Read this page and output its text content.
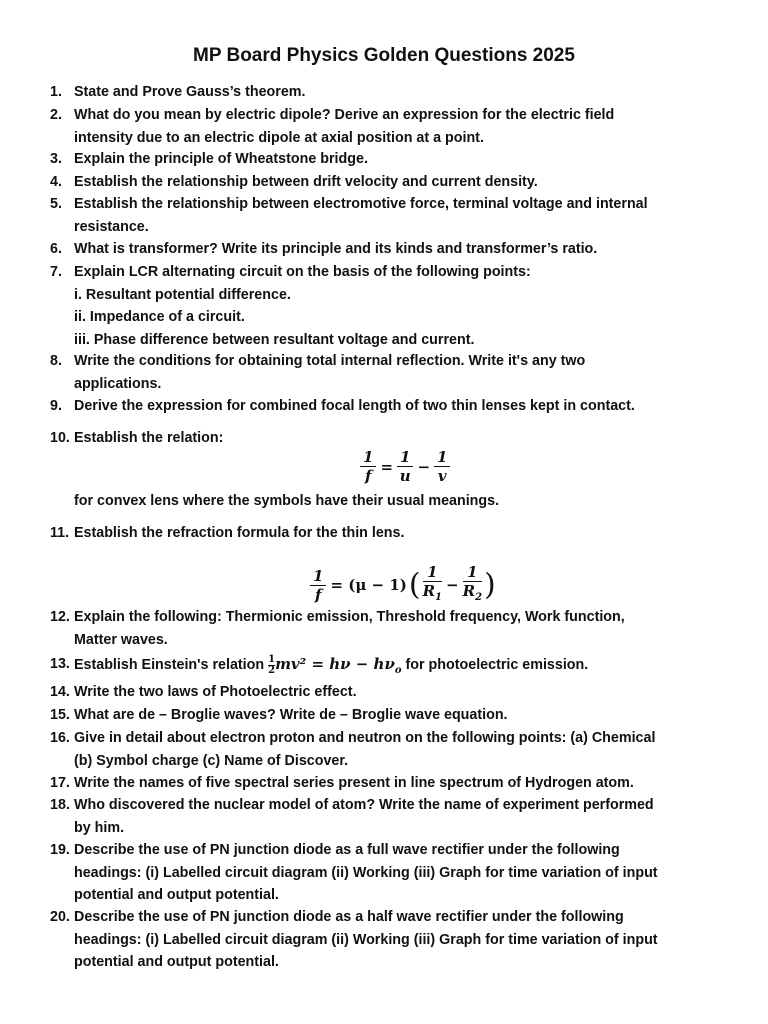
MP Board Physics Golden Questions 2025
1. State and Prove Gauss’s theorem.
2. What do you mean by electric dipole? Derive an expression for the electric field
intensity due to an electric dipole at axial position at a point.
3. Explain the principle of Wheatstone bridge.
4. Establish the relationship between drift velocity and current density.
5. Establish the relationship between electromotive force, terminal voltage and internal
resistance.
6. What is transformer? Write its principle and its kinds and transformer’s ratio.
7. Explain LCR alternating circuit on the basis of the following points:
i. Resultant potential difference.
ii. Impedance of a circuit.
iii. Phase difference between resultant voltage and current.
8. Write the conditions for obtaining total internal reflection. Write it's any two
applications.
9. Derive the expression for combined focal length of two thin lenses kept in contact.
10. Establish the relation:
$\frac{1}{f} = \frac{1}{u} - \frac{1}{v}$
for convex lens where the symbols have their usual meanings.
11. Establish the refraction formula for the thin lens.
$\frac{1}{f} = (\mu - 1)( \frac{1}{R_1} - \frac{1}{R_2}$ )
12. Explain the following: Thermionic emission, Threshold frequency, Work function,
Matter waves.
13. Establish Einstein's relation $\frac{1}{2} mv^2 = h\nu - h\nu_o$ for photoelectric emission.
14. Write the two laws of Photoelectric effect.
15. What are de – Broglie waves? Write de – Broglie wave equation.
16. Give in detail about electron proton and neutron on the following points: (a) Chemical
(b) Symbol charge (c) Name of Discover.
17. Write the names of five spectral series present in line spectrum of Hydrogen atom.
18. Who discovered the nuclear model of atom? Write the name of experiment performed
by him.
19. Describe the use of PN junction diode as a full wave rectifier under the following
headings: (i) Labelled circuit diagram (ii) Working (iii) Graph for time variation of input
potential and output potential.
20. Describe the use of PN junction diode as a half wave rectifier under the following
headings: (i) Labelled circuit diagram (ii) Working (iii) Graph for time variation of input
potential and output potential.
